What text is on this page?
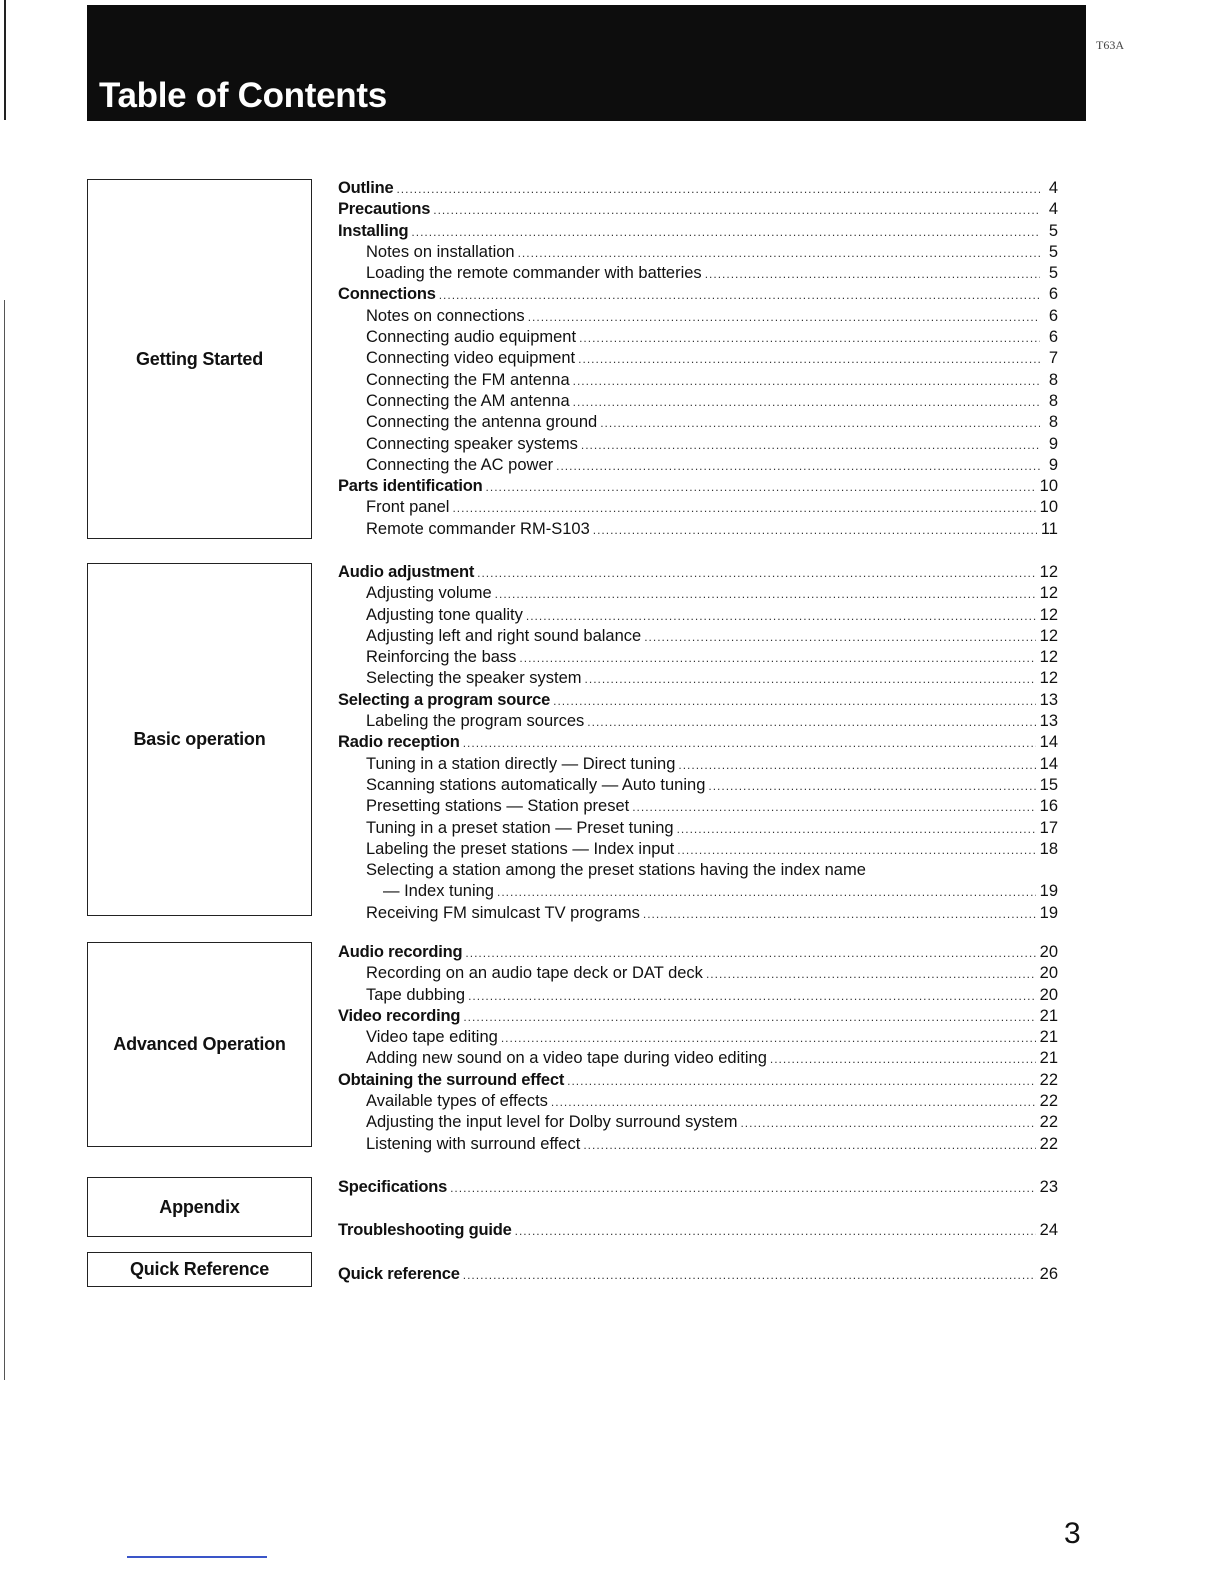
Table of Contents
T63A
Getting Started
Basic operation
Advanced Operation
Appendix
Quick Reference
Outline .....	4
Precautions .....	4
Installing .....	5
Notes on installation .....	5
Loading the remote commander with batteries .....	5
Connections .....	6
Notes on connections .....	6
Connecting audio equipment .....	6
Connecting video equipment .....	7
Connecting the FM antenna .....	8
Connecting the AM antenna .....	8
Connecting the antenna ground .....	8
Connecting speaker systems .....	9
Connecting the AC power .....	9
Parts identification .....	10
Front panel .....	10
Remote commander RM-S103 .....	11
Audio adjustment .....	12
Adjusting volume .....	12
Adjusting tone quality .....	12
Adjusting left and right sound balance .....	12
Reinforcing the bass .....	12
Selecting the speaker system .....	12
Selecting a program source .....	13
Labeling the program sources .....	13
Radio reception .....	14
Tuning in a station directly — Direct tuning .....	14
Scanning stations automatically — Auto tuning .....	15
Presetting stations — Station preset .....	16
Tuning in a preset station — Preset tuning .....	17
Labeling the preset stations — Index input .....	18
Selecting a station among the preset stations having the index name
— Index tuning .....	19
Receiving FM simulcast TV programs .....	19
Audio recording .....	20
Recording on an audio tape deck or DAT deck .....	20
Tape dubbing .....	20
Video recording .....	21
Video tape editing .....	21
Adding new sound on a video tape during video editing .....	21
Obtaining the surround effect .....	22
Available types of effects .....	22
Adjusting the input level for Dolby surround system .....	22
Listening with surround effect .....	22
Specifications .....	23
Troubleshooting guide .....	24
Quick reference .....	26
3
